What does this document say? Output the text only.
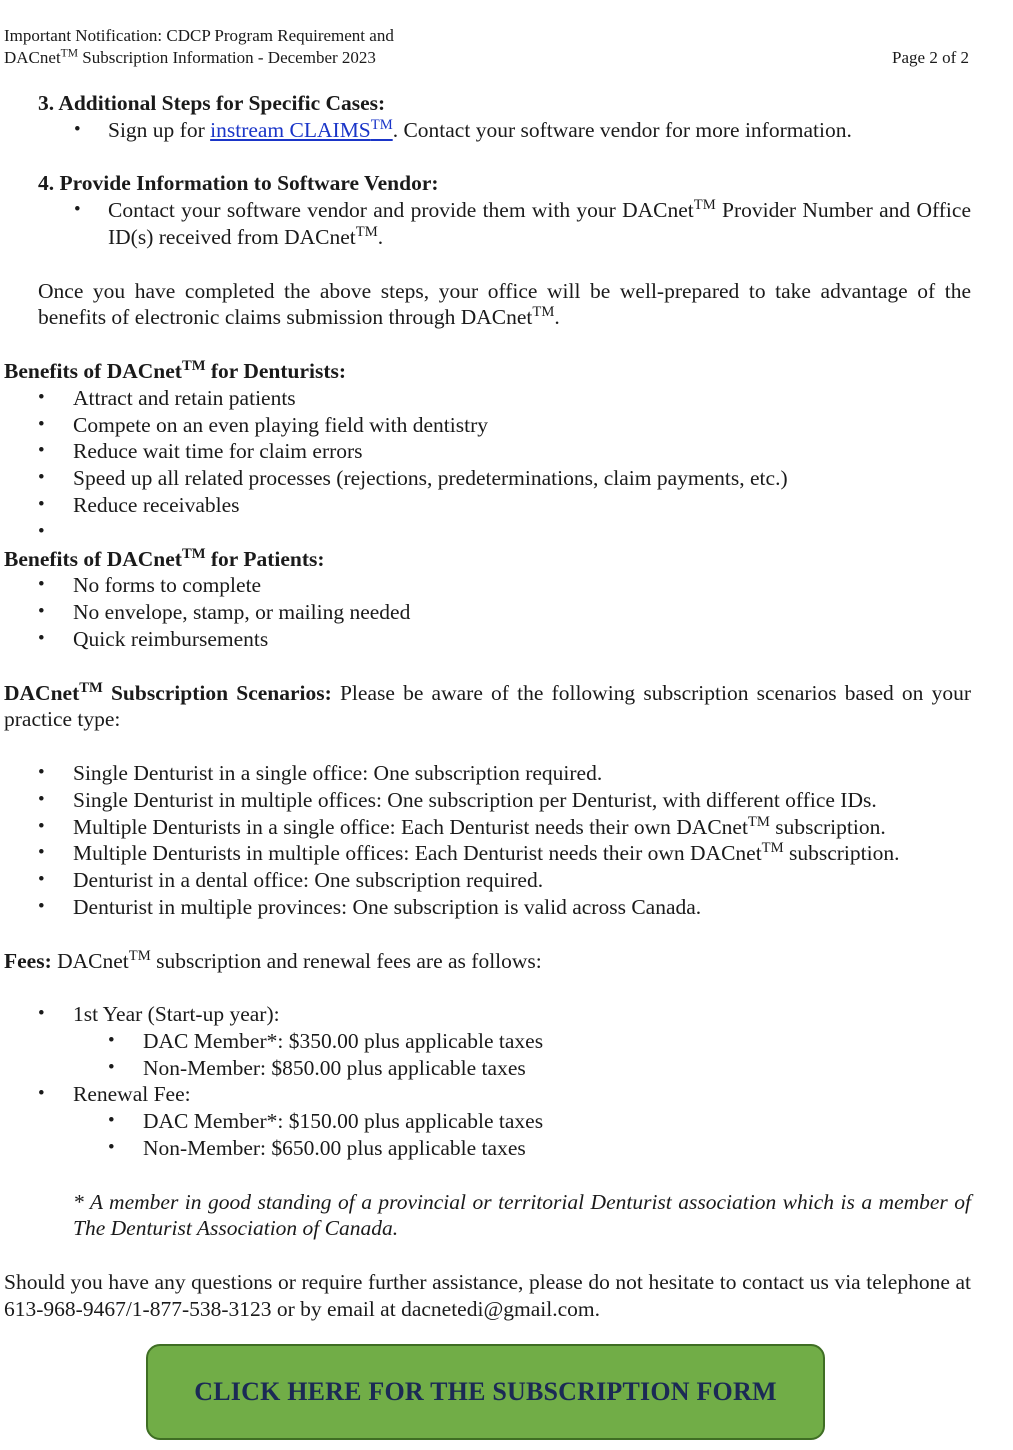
Important Notification: CDCP Program Requirement and
DACnet™ Subscription Information - December 2023	Page 2 of 2
3. Additional Steps for Specific Cases:
• Sign up for instream CLAIMS™. Contact your software vendor for more information.
4. Provide Information to Software Vendor:
• Contact your software vendor and provide them with your DACnet™ Provider Number and Office ID(s) received from DACnet™.
Once you have completed the above steps, your office will be well-prepared to take advantage of the benefits of electronic claims submission through DACnet™.
Benefits of DACnet™ for Denturists:
• Attract and retain patients
• Compete on an even playing field with dentistry
• Reduce wait time for claim errors
• Speed up all related processes (rejections, predeterminations, claim payments, etc.)
• Reduce receivables
•
Benefits of DACnet™ for Patients:
• No forms to complete
• No envelope, stamp, or mailing needed
• Quick reimbursements
DACnet™ Subscription Scenarios: Please be aware of the following subscription scenarios based on your practice type:
• Single Denturist in a single office: One subscription required.
• Single Denturist in multiple offices: One subscription per Denturist, with different office IDs.
• Multiple Denturists in a single office: Each Denturist needs their own DACnet™ subscription.
• Multiple Denturists in multiple offices: Each Denturist needs their own DACnet™ subscription.
• Denturist in a dental office: One subscription required.
• Denturist in multiple provinces: One subscription is valid across Canada.
Fees: DACnet™ subscription and renewal fees are as follows:
• 1st Year (Start-up year):
• DAC Member*: $350.00 plus applicable taxes
• Non-Member: $850.00 plus applicable taxes
• Renewal Fee:
• DAC Member*: $150.00 plus applicable taxes
• Non-Member: $650.00 plus applicable taxes
* A member in good standing of a provincial or territorial Denturist association which is a member of The Denturist Association of Canada.
Should you have any questions or require further assistance, please do not hesitate to contact us via telephone at 613-968-9467/1-877-538-3123 or by email at dacnetedi@gmail.com.
CLICK HERE FOR THE SUBSCRIPTION FORM
